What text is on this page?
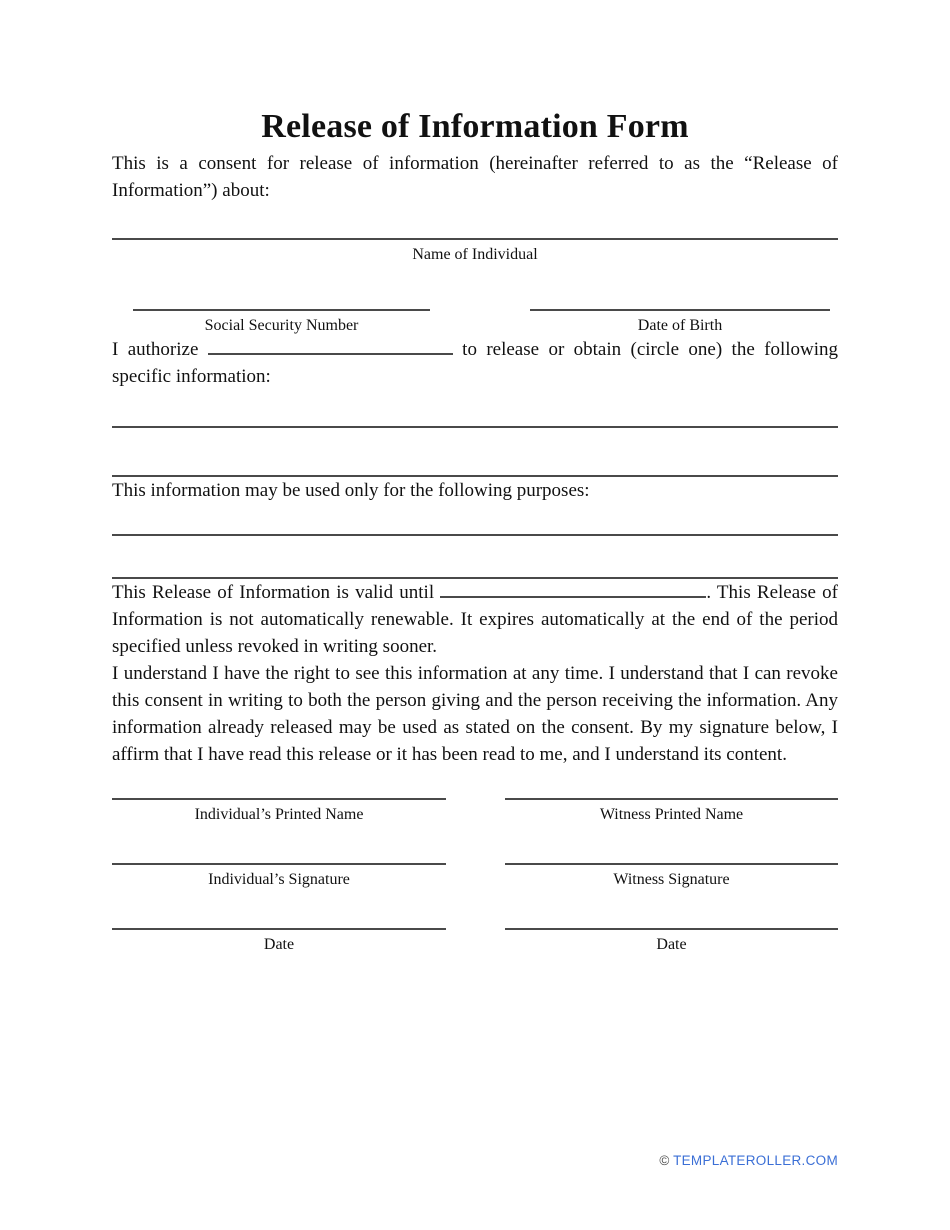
Release of Information Form

This is a consent for release of information (hereinafter referred to as the “Release of Information”) about:

Name of Individual
Social Security Number	Date of Birth

I authorize	to release or obtain (circle one) the following specific information:

This information may be used only for the following purposes:

This Release of Information is valid until	. This Release of Information is not automatically renewable. It expires automatically at the end of the period specified unless revoked in writing sooner.

I understand I have the right to see this information at any time. I understand that I can revoke this consent in writing to both the person giving and the person receiving the information. Any information already released may be used as stated on the consent. By my signature below, I affirm that I have read this release or it has been read to me, and I understand its content.

Individual’s Printed Name	Witness Printed Name
Individual’s Signature	Witness Signature
Date	Date
© TEMPLATEROLLER.COM
